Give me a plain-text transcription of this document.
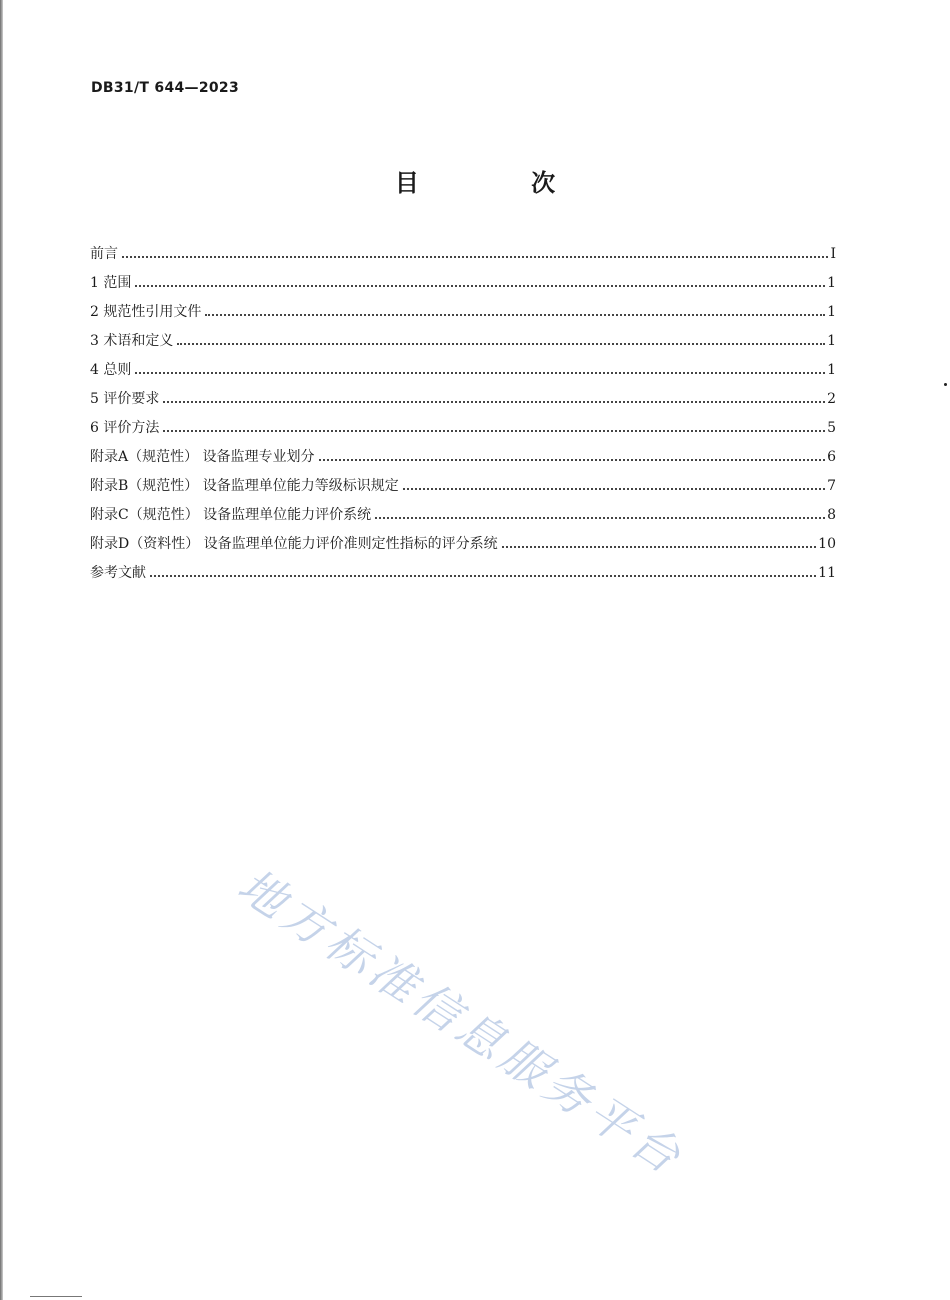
DB31/T 644—2023
目 次
前言	Ⅰ
1 范围	1
2 规范性引用文件	1
3 术语和定义	1
4 总则	1
5 评价要求	2
6 评价方法	5
附录A（规范性） 设备监理专业划分	6
附录B（规范性） 设备监理单位能力等级标识规定	7
附录C（规范性） 设备监理单位能力评价系统	8
附录D（资料性） 设备监理单位能力评价准则定性指标的评分系统	10
参考文献	11
地方标准信息服务平台
